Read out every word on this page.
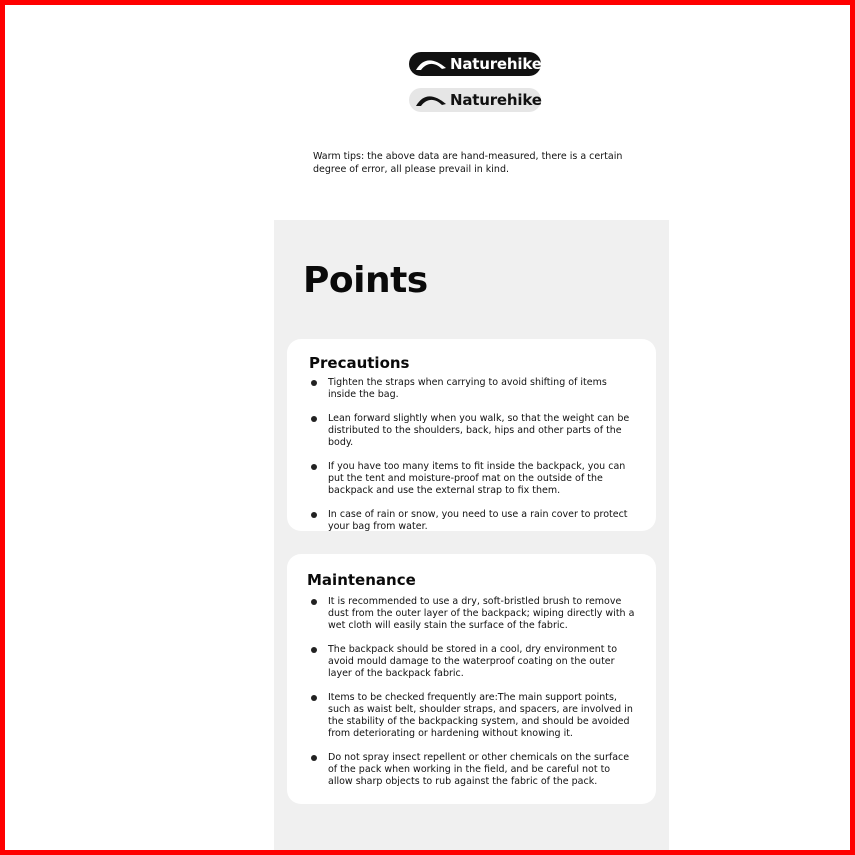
Naturehike
Naturehike

Warm tips: the above data are hand-measured, there is a certain degree of error, all please prevail in kind.

Points
Precautions
Tighten the straps when carrying to avoid shifting of items inside the bag.
Lean forward slightly when you walk, so that the weight can be distributed to the shoulders, back, hips and other parts of the body.
If you have too many items to fit inside the backpack, you can put the tent and moisture-proof mat on the outside of the backpack and use the external strap to fix them.
In case of rain or snow, you need to use a rain cover to protect your bag from water.
Maintenance
It is recommended to use a dry, soft-bristled brush to remove dust from the outer layer of the backpack; wiping directly with a wet cloth will easily stain the surface of the fabric.
The backpack should be stored in a cool, dry environment to avoid mould damage to the waterproof coating on the outer layer of the backpack fabric.
Items to be checked frequently are:The main support points, such as waist belt, shoulder straps, and spacers, are involved in the stability of the backpacking system, and should be avoided from deteriorating or hardening without knowing it.
Do not spray insect repellent or other chemicals on the surface of the pack when working in the field, and be careful not to allow sharp objects to rub against the fabric of the pack.
